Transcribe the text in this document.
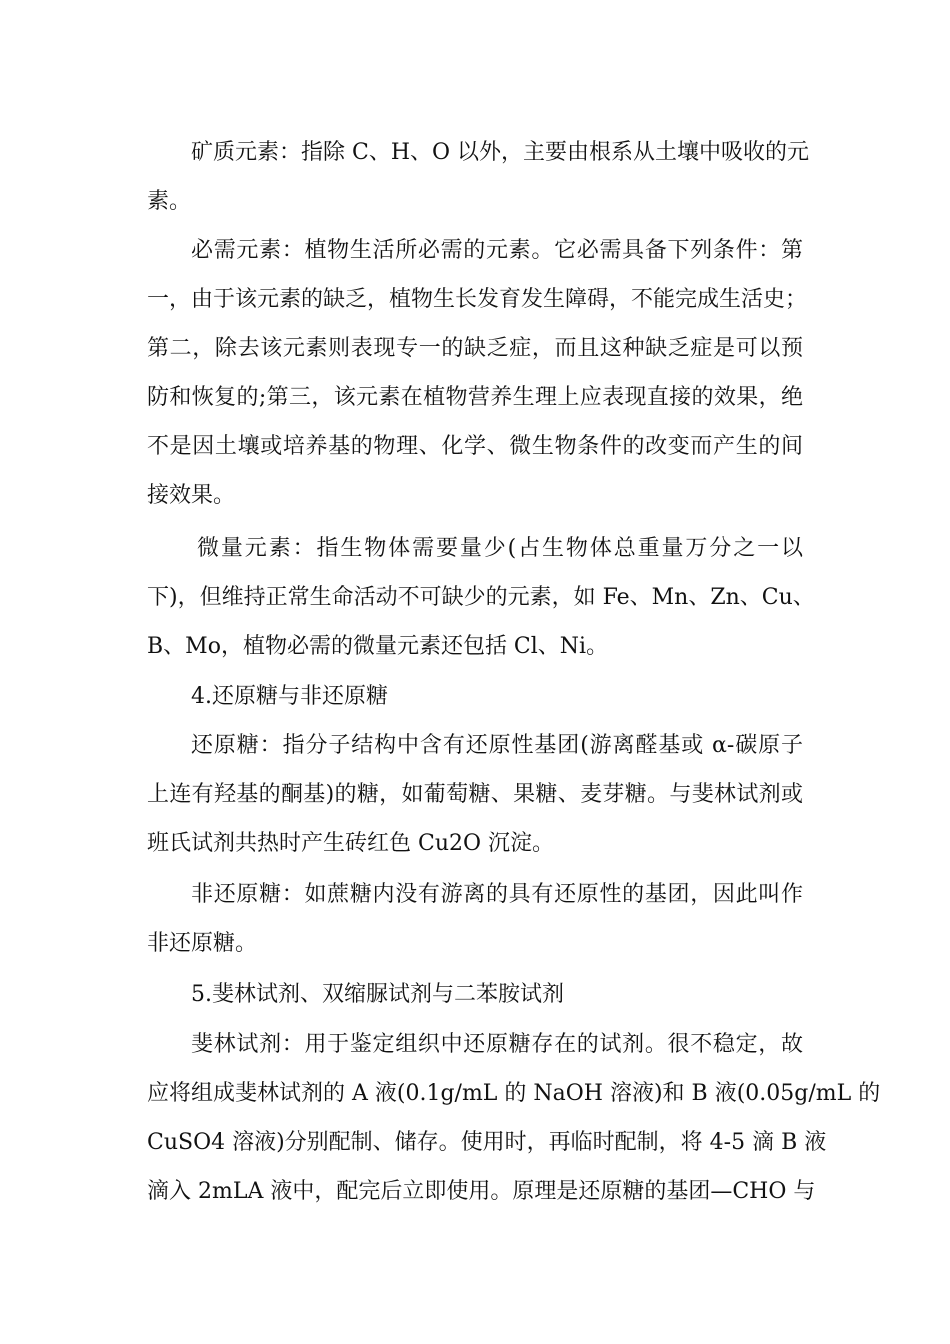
矿质元素：指除 C、H、O 以外，主要由根系从土壤中吸收的元
素。
必需元素：植物生活所必需的元素。它必需具备下列条件：第
一，由于该元素的缺乏，植物生长发育发生障碍，不能完成生活史；
第二，除去该元素则表现专一的缺乏症，而且这种缺乏症是可以预
防和恢复的;第三，该元素在植物营养生理上应表现直接的效果，绝
不是因土壤或培养基的物理、化学、微生物条件的改变而产生的间
接效果。
微量元素：指生物体需要量少(占生物体总重量万分之一以
下)，但维持正常生命活动不可缺少的元素，如 Fe、Mn、Zn、Cu、
B、Mo，植物必需的微量元素还包括 Cl、Ni。
4.还原糖与非还原糖
还原糖：指分子结构中含有还原性基团(游离醛基或 α-碳原子
上连有羟基的酮基)的糖，如葡萄糖、果糖、麦芽糖。与斐林试剂或
班氏试剂共热时产生砖红色 Cu2O 沉淀。
非还原糖：如蔗糖内没有游离的具有还原性的基团，因此叫作
非还原糖。
5.斐林试剂、双缩脲试剂与二苯胺试剂
斐林试剂：用于鉴定组织中还原糖存在的试剂。很不稳定，故
应将组成斐林试剂的 A 液(0.1g/mL 的 NaOH 溶液)和 B 液(0.05g/mL 的
CuSO4 溶液)分别配制、储存。使用时，再临时配制，将 4-5 滴 B 液
滴入 2mLA 液中，配完后立即使用。原理是还原糖的基团—CHO 与
